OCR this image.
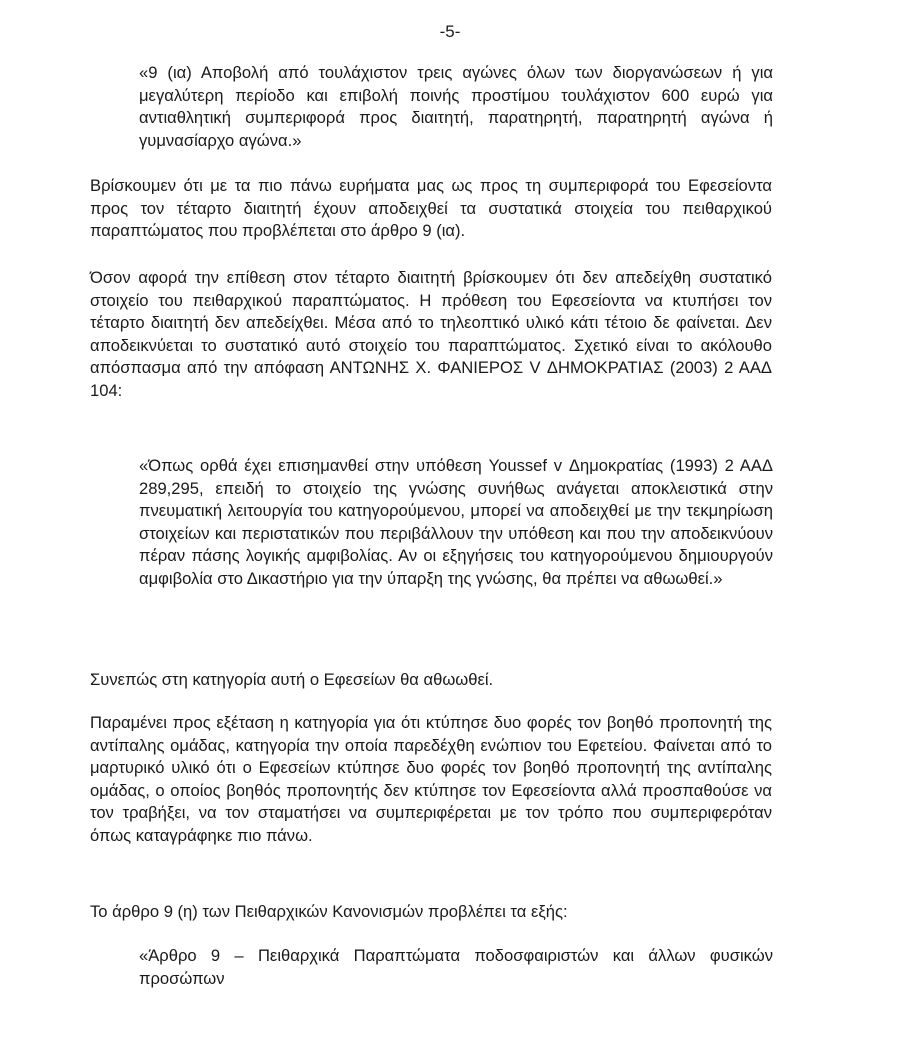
-5-

«9 (ια) Αποβολή από τουλάχιστον τρεις αγώνες όλων των διοργανώσεων ή για μεγαλύτερη περίοδο και επιβολή ποινής προστίμου τουλάχιστον 600 ευρώ για αντιαθλητική συμπεριφορά προς διαιτητή, παρατηρητή, παρατηρητή αγώνα ή γυμνασίαρχο αγώνα.»

Βρίσκουμεν ότι με τα πιο πάνω ευρήματα μας ως προς τη συμπεριφορά του Εφεσείοντα προς τον τέταρτο διαιτητή έχουν αποδειχθεί τα συστατικά στοιχεία του πειθαρχικού παραπτώματος που προβλέπεται στο άρθρο 9 (ια).

Όσον αφορά την επίθεση στον τέταρτο διαιτητή βρίσκουμεν ότι δεν απεδείχθη συστατικό στοιχείο του πειθαρχικού παραπτώματος. Η πρόθεση του Εφεσείοντα να κτυπήσει τον τέταρτο διαιτητή δεν απεδείχθει. Μέσα από το τηλεοπτικό υλικό κάτι τέτοιο δε φαίνεται. Δεν αποδεικνύεται το συστατικό αυτό στοιχείο του παραπτώματος. Σχετικό είναι το ακόλουθο απόσπασμα από την απόφαση ΑΝΤΩΝΗΣ Χ. ΦΑΝΙΕΡΟΣ V ΔΗΜΟΚΡΑΤΙΑΣ (2003) 2 ΑΑΔ 104:

«Όπως ορθά έχει επισημανθεί στην υπόθεση Youssef v Δημοκρατίας (1993) 2 ΑΑΔ 289,295, επειδή το στοιχείο της γνώσης συνήθως ανάγεται αποκλειστικά στην πνευματική λειτουργία του κατηγορούμενου, μπορεί να αποδειχθεί με την τεκμηρίωση στοιχείων και περιστατικών που περιβάλλουν την υπόθεση και που την αποδεικνύουν πέραν πάσης λογικής αμφιβολίας. Αν οι εξηγήσεις του κατηγορούμενου δημιουργούν αμφιβολία στο Δικαστήριο για την ύπαρξη της γνώσης, θα πρέπει να αθωωθεί.»

Συνεπώς στη κατηγορία αυτή ο Εφεσείων θα αθωωθεί.

Παραμένει προς εξέταση η κατηγορία για ότι κτύπησε δυο φορές τον βοηθό προπονητή της αντίπαλης ομάδας, κατηγορία την οποία παρεδέχθη ενώπιον του Εφετείου. Φαίνεται από το μαρτυρικό υλικό ότι ο Εφεσείων κτύπησε δυο φορές τον βοηθό προπονητή της αντίπαλης ομάδας, ο οποίος βοηθός προπονητής δεν κτύπησε τον Εφεσείοντα αλλά προσπαθούσε να τον τραβήξει, να τον σταματήσει να συμπεριφέρεται με τον τρόπο που συμπεριφερόταν όπως καταγράφηκε πιο πάνω.

Το άρθρο 9 (η) των Πειθαρχικών Κανονισμών προβλέπει τα εξής:

«Άρθρο 9 – Πειθαρχικά Παραπτώματα ποδοσφαιριστών και άλλων φυσικών προσώπων
